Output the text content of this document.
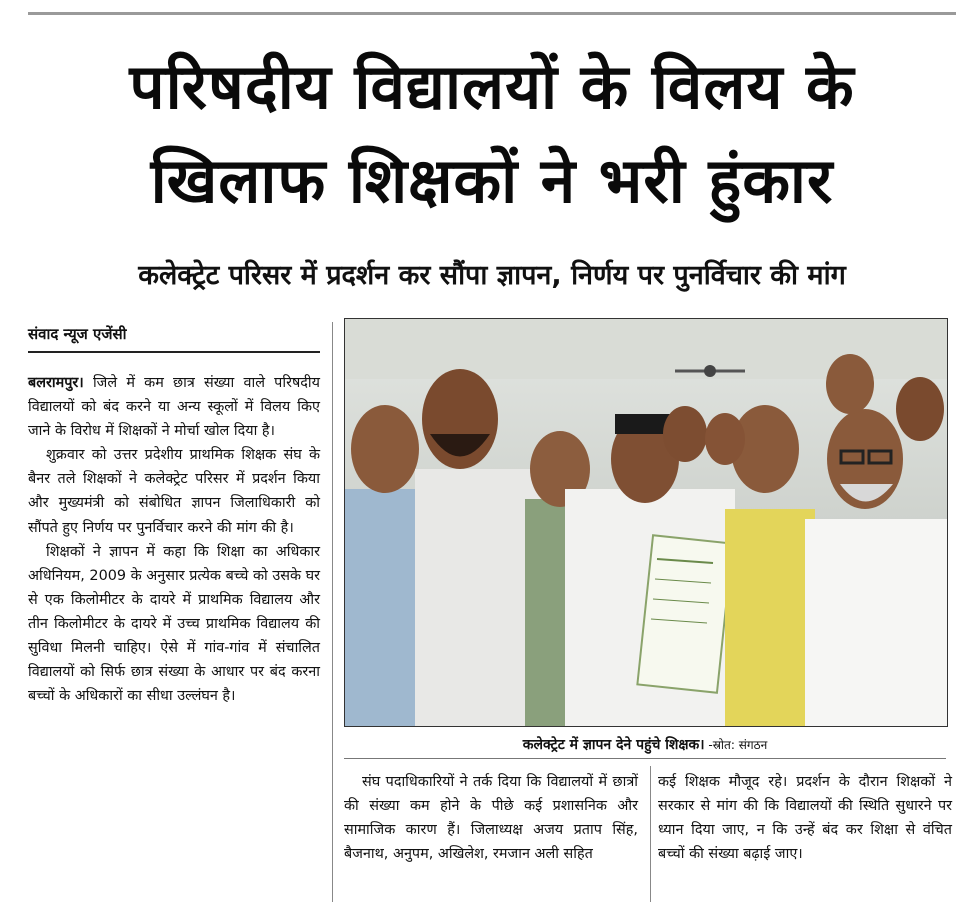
परिषदीय विद्यालयों के विलय के
खिलाफ शिक्षकों ने भरी हुंकार
कलेक्ट्रेट परिसर में प्रदर्शन कर सौंपा ज्ञापन, निर्णय पर पुनर्विचार की मांग
संवाद न्यूज एजेंसी

बलरामपुर। जिले में कम छात्र संख्या वाले परिषदीय विद्यालयों को बंद करने या अन्य स्कूलों में विलय किए जाने के विरोध में शिक्षकों ने मोर्चा खोल दिया है।

शुक्रवार को उत्तर प्रदेशीय प्राथमिक शिक्षक संघ के बैनर तले शिक्षकों ने कलेक्ट्रेट परिसर में प्रदर्शन किया और मुख्यमंत्री को संबोधित ज्ञापन जिलाधिकारी को सौंपते हुए निर्णय पर पुनर्विचार करने की मांग की है।

शिक्षकों ने ज्ञापन में कहा कि शिक्षा का अधिकार अधिनियम, 2009 के अनुसार प्रत्येक बच्चे को उसके घर से एक किलोमीटर के दायरे में प्राथमिक विद्यालय और तीन किलोमीटर के दायरे में उच्च प्राथमिक विद्यालय की सुविधा मिलनी चाहिए। ऐसे में गांव-गांव में संचालित विद्यालयों को सिर्फ छात्र संख्या के आधार पर बंद करना बच्चों के अधिकारों का सीधा उल्लंघन है।

कलेक्ट्रेट में ज्ञापन देने पहुंचे शिक्षक। -स्रोत: संगठन

संघ पदाधिकारियों ने तर्क दिया कि विद्यालयों में छात्रों की संख्या कम होने के पीछे कई प्रशासनिक और सामाजिक कारण हैं। जिलाध्यक्ष अजय प्रताप सिंह, बैजनाथ, अनुपम, अखिलेश, रमजान अली सहित

कई शिक्षक मौजूद रहे। प्रदर्शन के दौरान शिक्षकों ने सरकार से मांग की कि विद्यालयों की स्थिति सुधारने पर ध्यान दिया जाए, न कि उन्हें बंद कर शिक्षा से वंचित बच्चों की संख्या बढ़ाई जाए।
